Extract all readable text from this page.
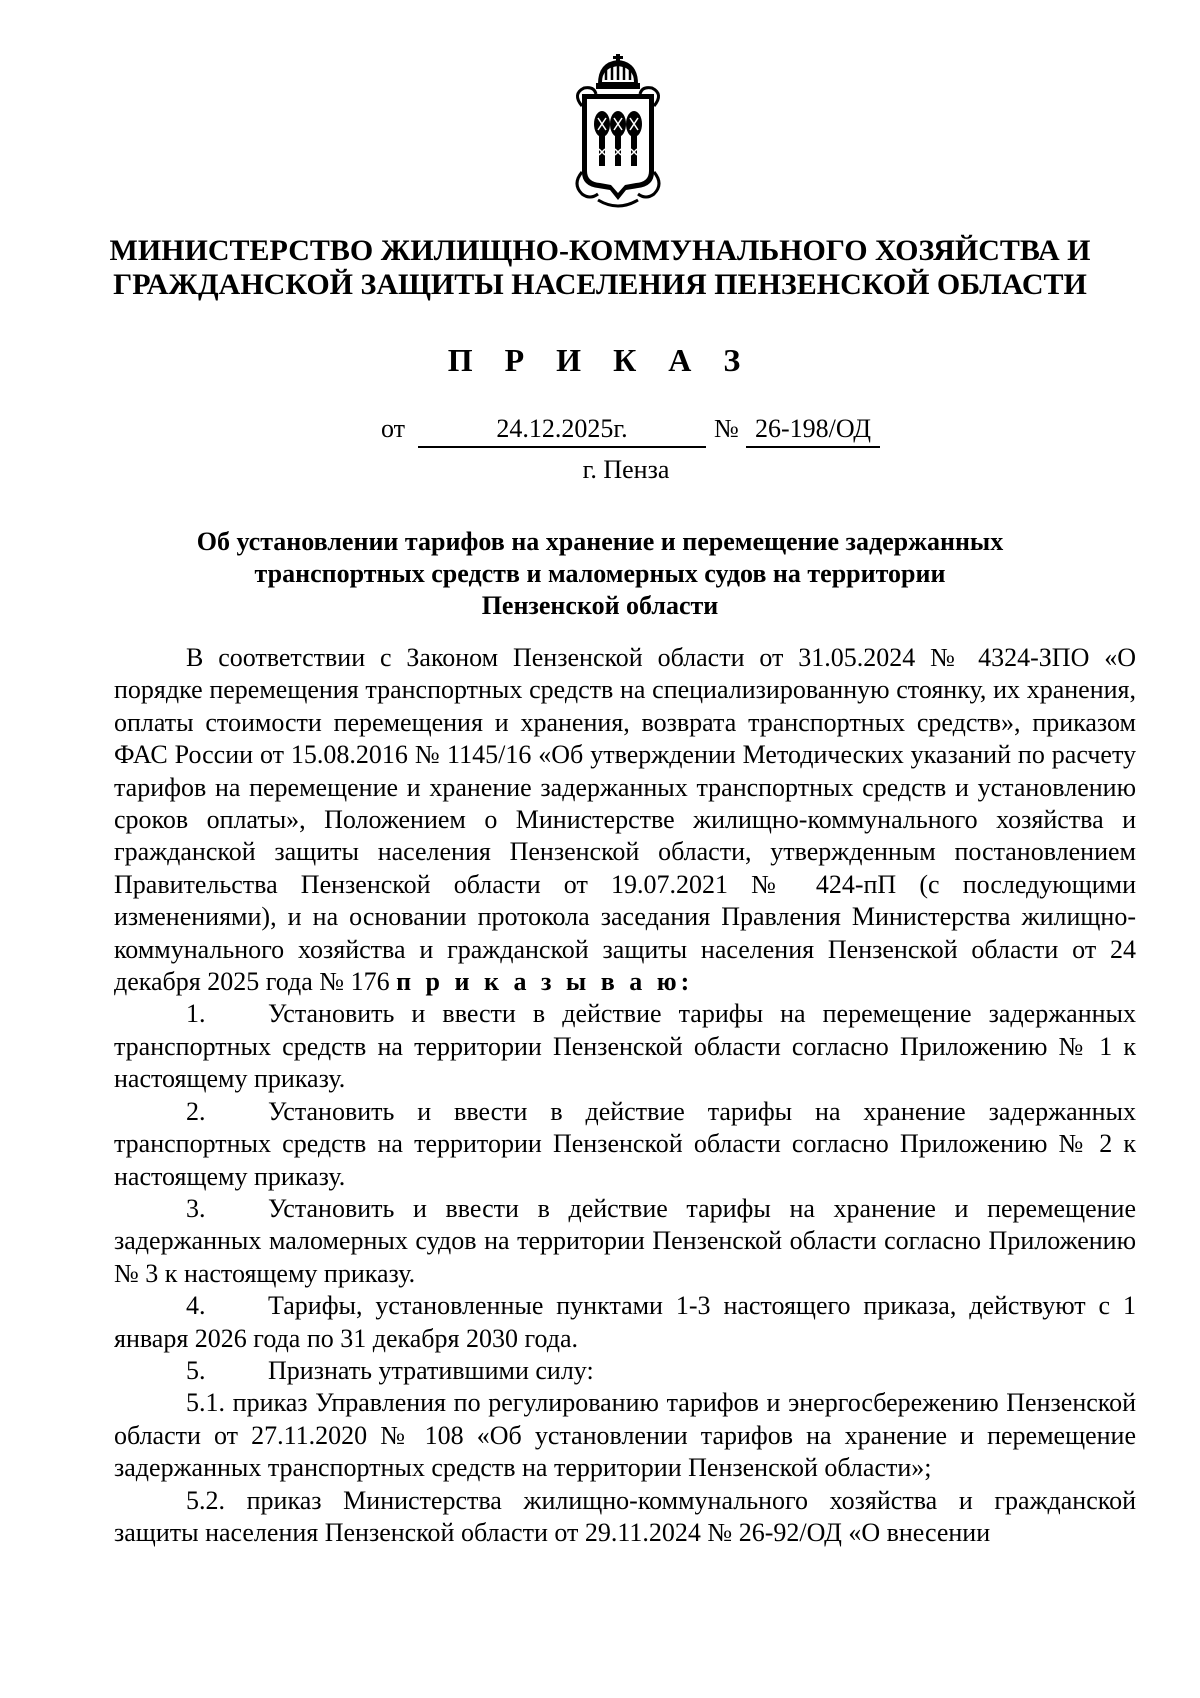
МИНИСТЕРСТВО ЖИЛИЩНО-КОММУНАЛЬНОГО ХОЗЯЙСТВА И
ГРАЖДАНСКОЙ ЗАЩИТЫ НАСЕЛЕНИЯ ПЕНЗЕНСКОЙ ОБЛАСТИ
П Р И К А З
от	24.12.2025г.	№ 26-198/ОД
г. Пенза
Об установлении тарифов на хранение и перемещение задержанных
транспортных средств и маломерных судов на территории
Пензенской области

В соответствии с Законом Пензенской области от 31.05.2024 № 4324-ЗПО «О порядке перемещения транспортных средств на специализированную стоянку, их хранения, оплаты стоимости перемещения и хранения, возврата транспортных средств», приказом ФАС России от 15.08.2016 № 1145/16 «Об утверждении Методических указаний по расчету тарифов на перемещение и хранение задержанных транспортных средств и установлению сроков оплаты», Положением о Министерстве жилищно-коммунального хозяйства и гражданской защиты населения Пензенской области, утвержденным постановлением Правительства Пензенской области от 19.07.2021 № 424-пП (с последующими изменениями), и на основании протокола заседания Правления Министерства жилищно-коммунального хозяйства и гражданской защиты населения Пензенской области от 24 декабря 2025 года № 176 п р и к а з ы в а ю:

1. Установить и ввести в действие тарифы на перемещение задержанных транспортных средств на территории Пензенской области согласно Приложению № 1 к настоящему приказу.

2. Установить и ввести в действие тарифы на хранение задержанных транспортных средств на территории Пензенской области согласно Приложению № 2 к настоящему приказу.

3. Установить и ввести в действие тарифы на хранение и перемещение задержанных маломерных судов на территории Пензенской области согласно Приложению № 3 к настоящему приказу.

4. Тарифы, установленные пунктами 1-3 настоящего приказа, действуют с 1 января 2026 года по 31 декабря 2030 года.

5. Признать утратившими силу:

5.1. приказ Управления по регулированию тарифов и энергосбережению Пензенской области от 27.11.2020 № 108 «Об установлении тарифов на хранение и перемещение задержанных транспортных средств на территории Пензенской области»;

5.2. приказ Министерства жилищно-коммунального хозяйства и гражданской защиты населения Пензенской области от 29.11.2024 № 26-92/ОД «О внесении
